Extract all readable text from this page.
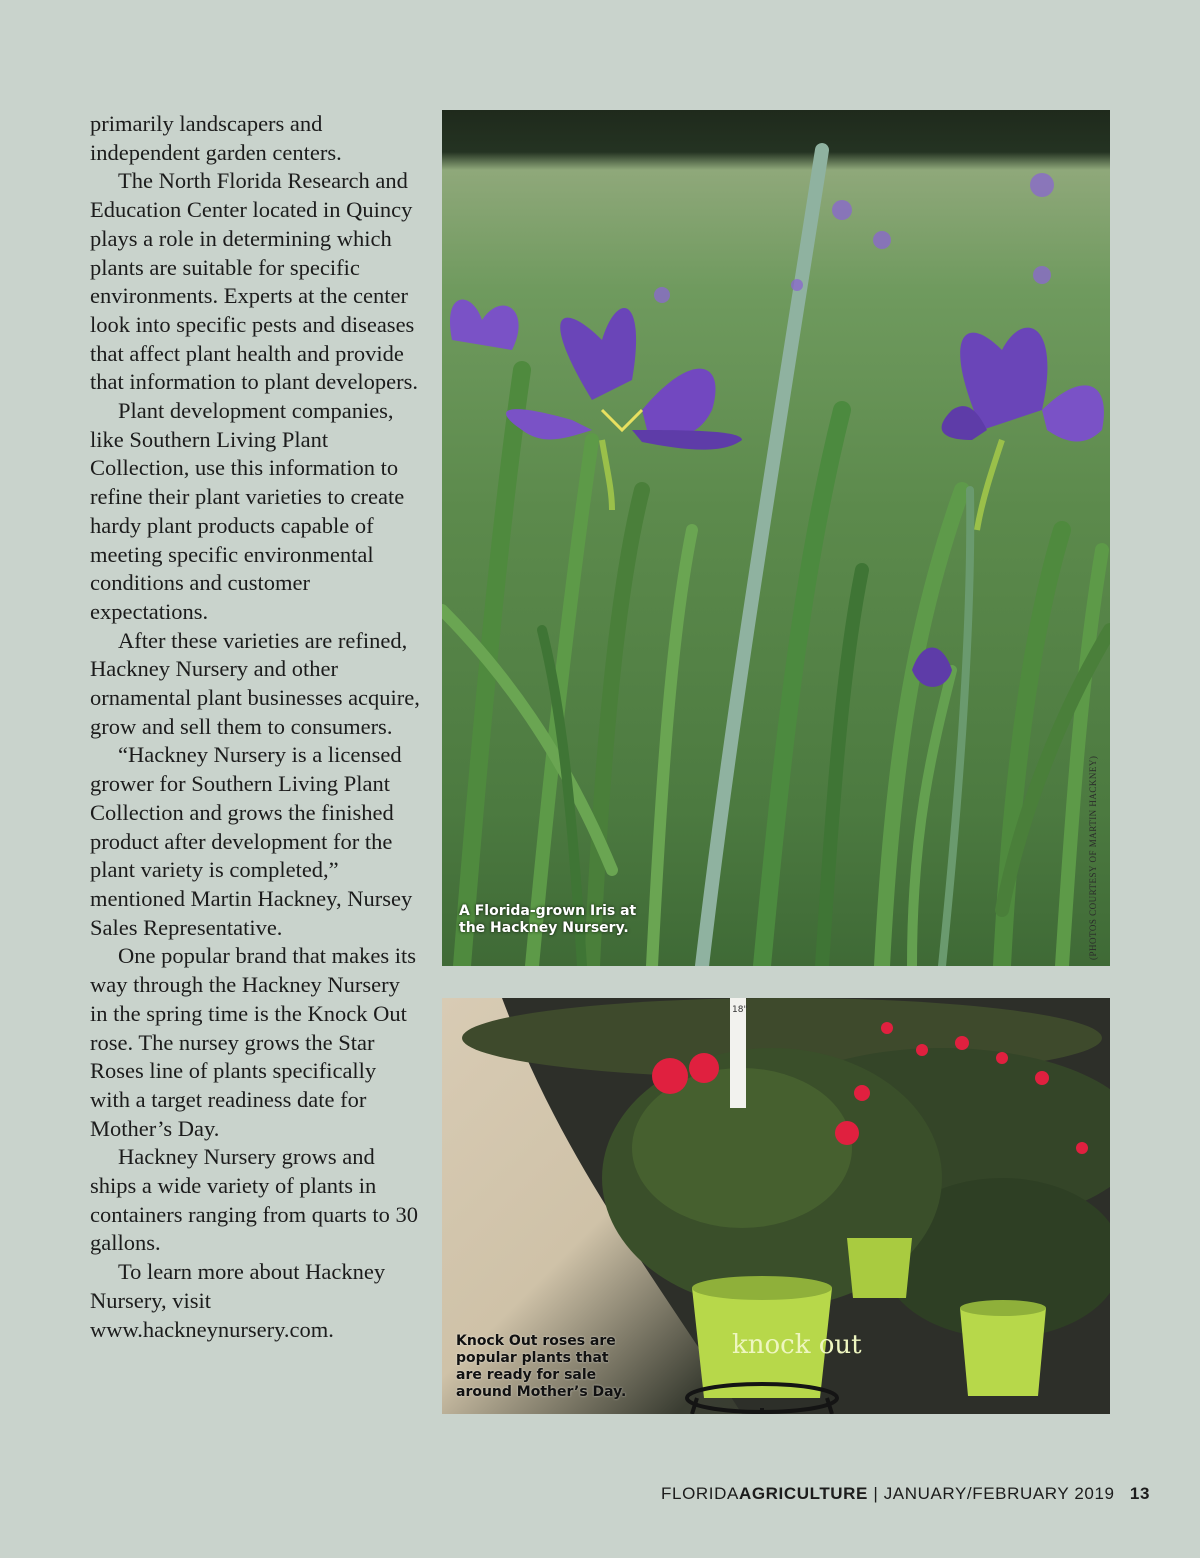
primarily landscapers and independent garden centers.

The North Florida Research and Education Center located in Quincy plays a role in determining which plants are suitable for specific environments. Experts at the center look into specific pests and diseases that affect plant health and provide that information to plant developers.

Plant development companies, like Southern Living Plant Collection, use this information to refine their plant varieties to create hardy plant products capable of meeting specific environmental conditions and customer expectations.

After these varieties are refined, Hackney Nursery and other ornamental plant businesses acquire, grow and sell them to consumers.

“Hackney Nursery is a licensed grower for Southern Living Plant Collection and grows the finished product after development for the plant variety is completed,” mentioned Martin Hackney, Nursey Sales Representative.

One popular brand that makes its way through the Hackney Nursery in the spring time is the Knock Out rose. The nursey grows the Star Roses line of plants specifically with a target readiness date for Mother’s Day.

Hackney Nursery grows and ships a wide variety of plants in containers ranging from quarts to 30 gallons.

To learn more about Hackney Nursery, visit www.hackneynursery.com.

A Florida-grown Iris at the Hackney Nursery.	(PHOTOS COURTESY OF MARTIN HACKNEY)
knock out
18"
Knock Out roses are popular plants that are ready for sale around Mother’s Day.
FLORIDAAGRICULTURE | JANUARY/FEBRUARY 2019 13
